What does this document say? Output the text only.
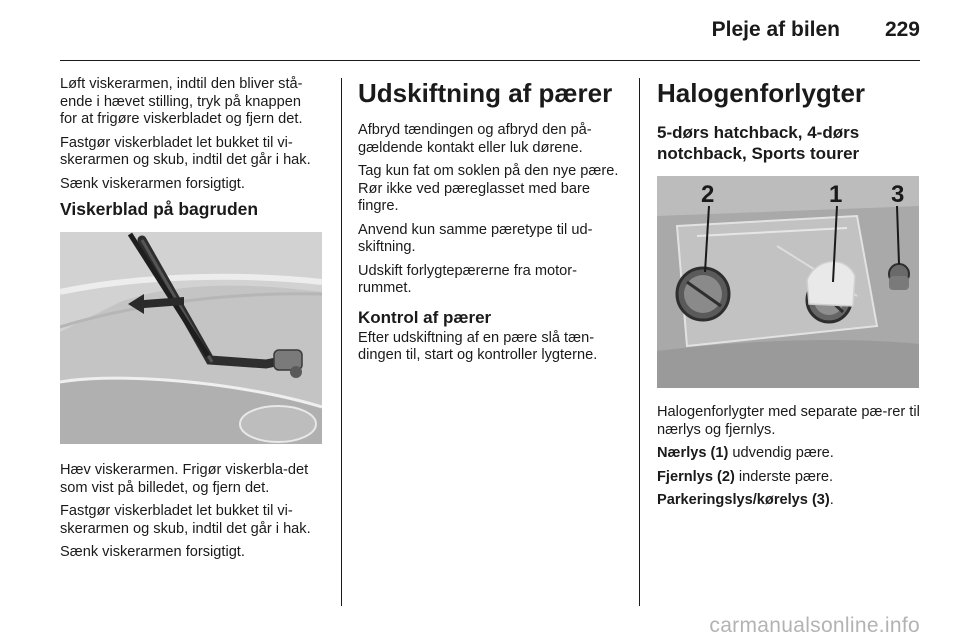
Pleje af bilen 229

Løft viskerarmen, indtil den bliver stå-ende i hævet stilling, tryk på knappen for at frigøre viskerbladet og fjern det.

Fastgør viskerbladet let bukket til vi-skerarmen og skub, indtil det går i hak.

Sænk viskerarmen forsigtigt.

Viskerblad på bagruden

Hæv viskerarmen. Frigør viskerbla-det som vist på billedet, og fjern det.

Fastgør viskerbladet let bukket til vi-skerarmen og skub, indtil det går i hak.

Sænk viskerarmen forsigtigt.

Udskiftning af pærer

Afbryd tændingen og afbryd den på-gældende kontakt eller luk dørene.

Tag kun fat om soklen på den nye pære. Rør ikke ved pæreglasset med bare fingre.

Anvend kun samme pæretype til ud-skiftning.

Udskift forlygtepærerne fra motor-rummet.

Kontrol af pærer

Efter udskiftning af en pære slå tæn-dingen til, start og kontroller lygterne.

Halogenforlygter
5-dørs hatchback, 4-dørs notchback, Sports tourer
2	1 3

Halogenforlygter med separate pæ-rer til nærlys og fjernlys.

Nærlys (1) udvendig pære.

Fjernlys (2) inderste pære.

Parkeringslys/kørelys (3).

carmanualsonline.info
